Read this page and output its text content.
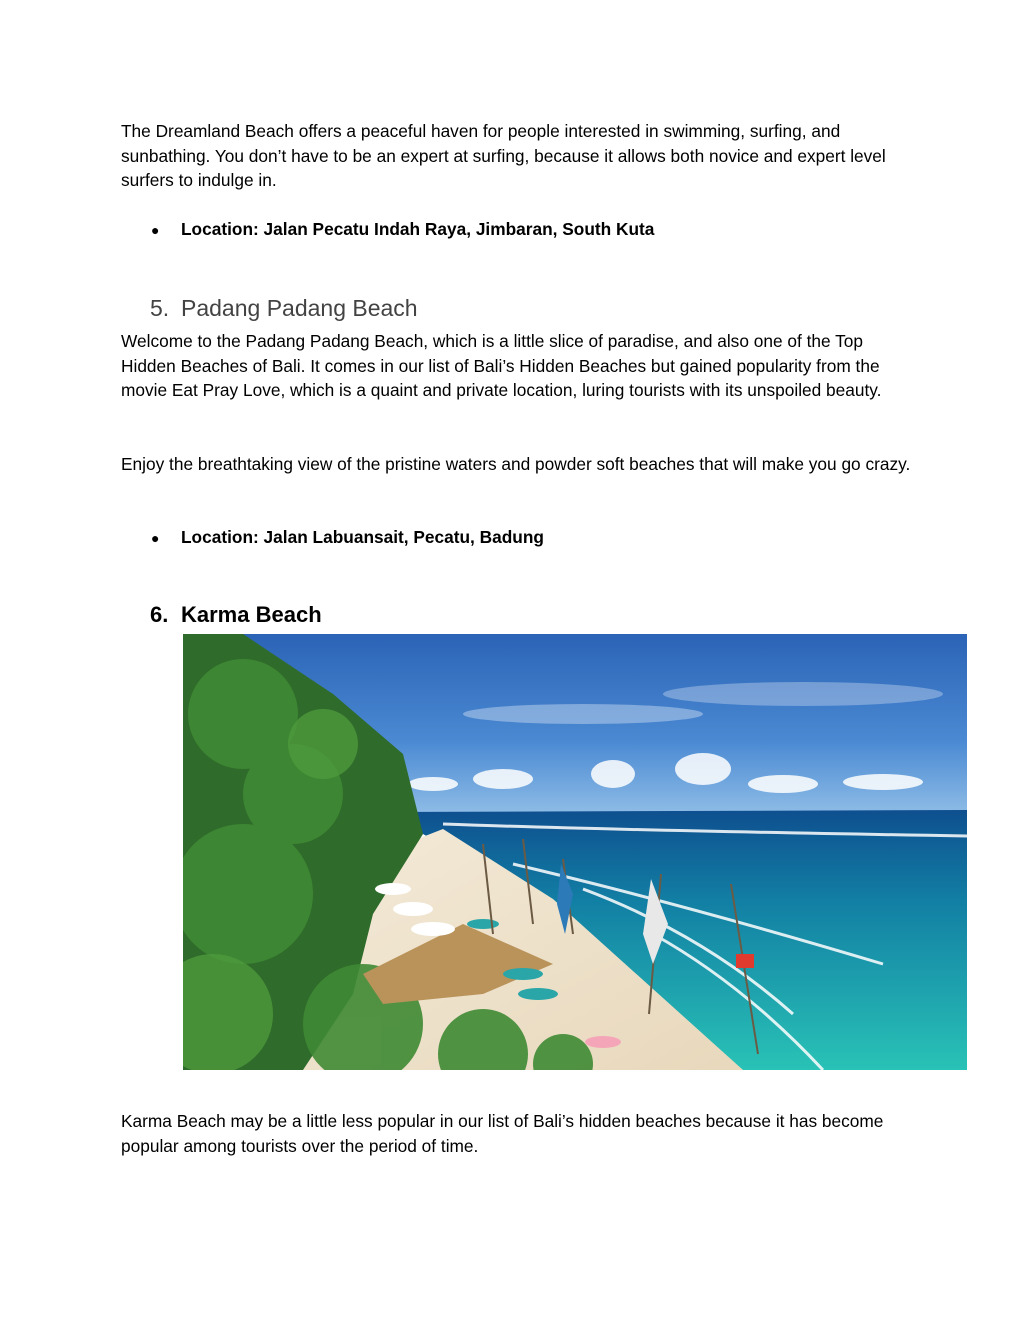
The Dreamland Beach offers a peaceful haven for people interested in swimming, surfing, and sunbathing. You don’t have to be an expert at surfing, because it allows both novice and expert level surfers to indulge in.

● Location: Jalan Pecatu Indah Raya, Jimbaran, South Kuta
5. Padang Padang Beach

Welcome to the Padang Padang Beach, which is a little slice of paradise, and also one of the Top Hidden Beaches of Bali. It comes in our list of Bali’s Hidden Beaches but gained popularity from the movie Eat Pray Love, which is a quaint and private location, luring tourists with its unspoiled beauty.

Enjoy the breathtaking view of the pristine waters and powder soft beaches that will make you go crazy.

● Location: Jalan Labuansait, Pecatu, Badung
6. Karma Beach

Karma Beach may be a little less popular in our list of Bali’s hidden beaches because it has become popular among tourists over the period of time.
